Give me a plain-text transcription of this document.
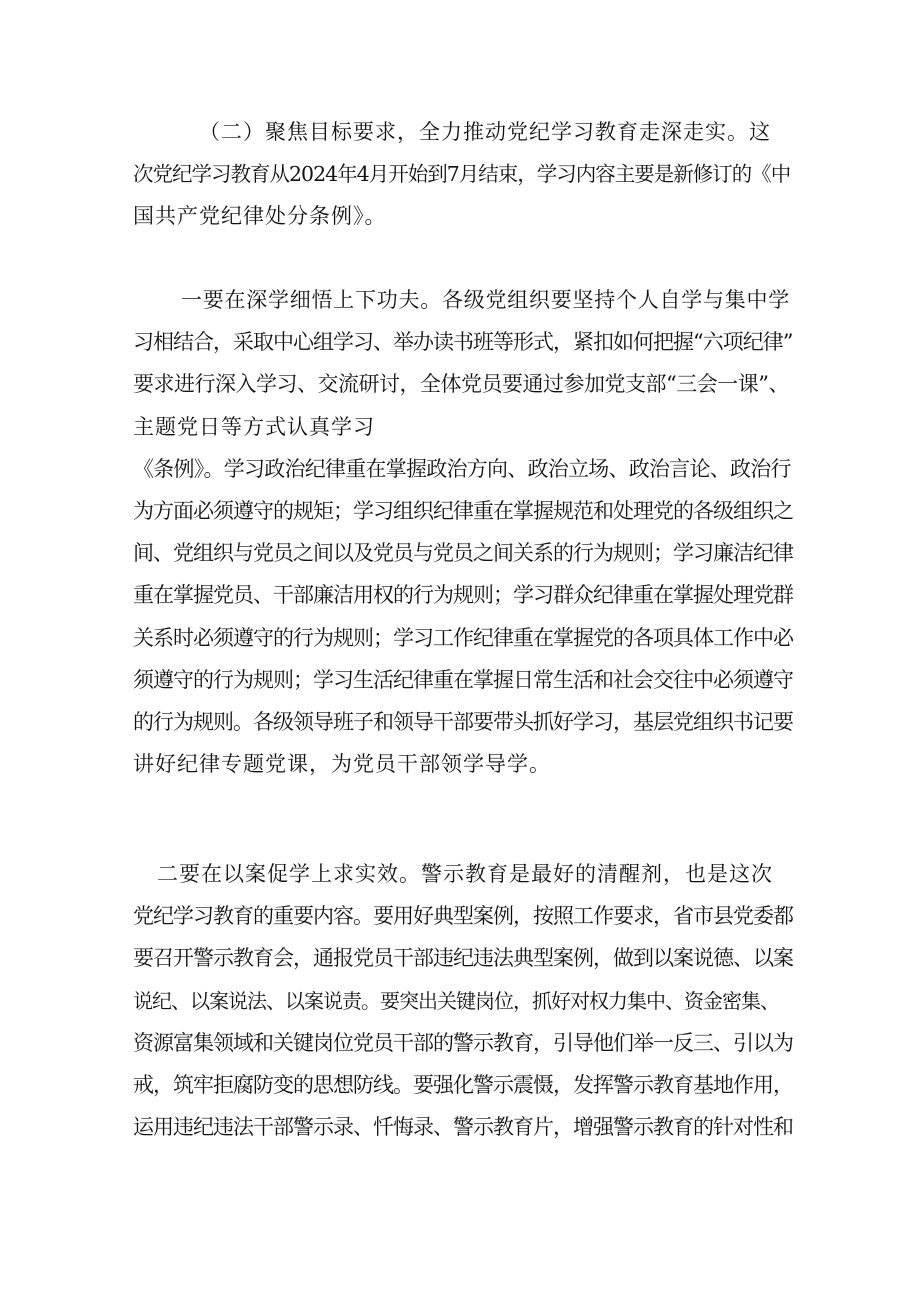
（二）聚焦目标要求，全力推动党纪学习教育走深走实。这
次党纪学习教育从2024年4月开始到7月结束，学习内容主要是新修订的《中
国共产党纪律处分条例》。
一要在深学细悟上下功夫。各级党组织要坚持个人自学与集中学
习相结合，采取中心组学习、举办读书班等形式，紧扣如何把握“六项纪律”
要求进行深入学习、交流研讨，全体党员要通过参加党支部“三会一课”、
主题党日等方式认真学习
《条例》。学习政治纪律重在掌握政治方向、政治立场、政治言论、政治行
为方面必须遵守的规矩；学习组织纪律重在掌握规范和处理党的各级组织之
间、党组织与党员之间以及党员与党员之间关系的行为规则；学习廉洁纪律
重在掌握党员、干部廉洁用权的行为规则；学习群众纪律重在掌握处理党群
关系时必须遵守的行为规则；学习工作纪律重在掌握党的各项具体工作中必
须遵守的行为规则；学习生活纪律重在掌握日常生活和社会交往中必须遵守
的行为规则。各级领导班子和领导干部要带头抓好学习，基层党组织书记要
讲好纪律专题党课，为党员干部领学导学。
二要在以案促学上求实效。警示教育是最好的清醒剂，也是这次
党纪学习教育的重要内容。要用好典型案例，按照工作要求，省市县党委都
要召开警示教育会，通报党员干部违纪违法典型案例，做到以案说德、以案
说纪、以案说法、以案说责。要突出关键岗位，抓好对权力集中、资金密集、
资源富集领域和关键岗位党员干部的警示教育，引导他们举一反三、引以为
戒，筑牢拒腐防变的思想防线。要强化警示震慑，发挥警示教育基地作用，
运用违纪违法干部警示录、忏悔录、警示教育片，增强警示教育的针对性和
